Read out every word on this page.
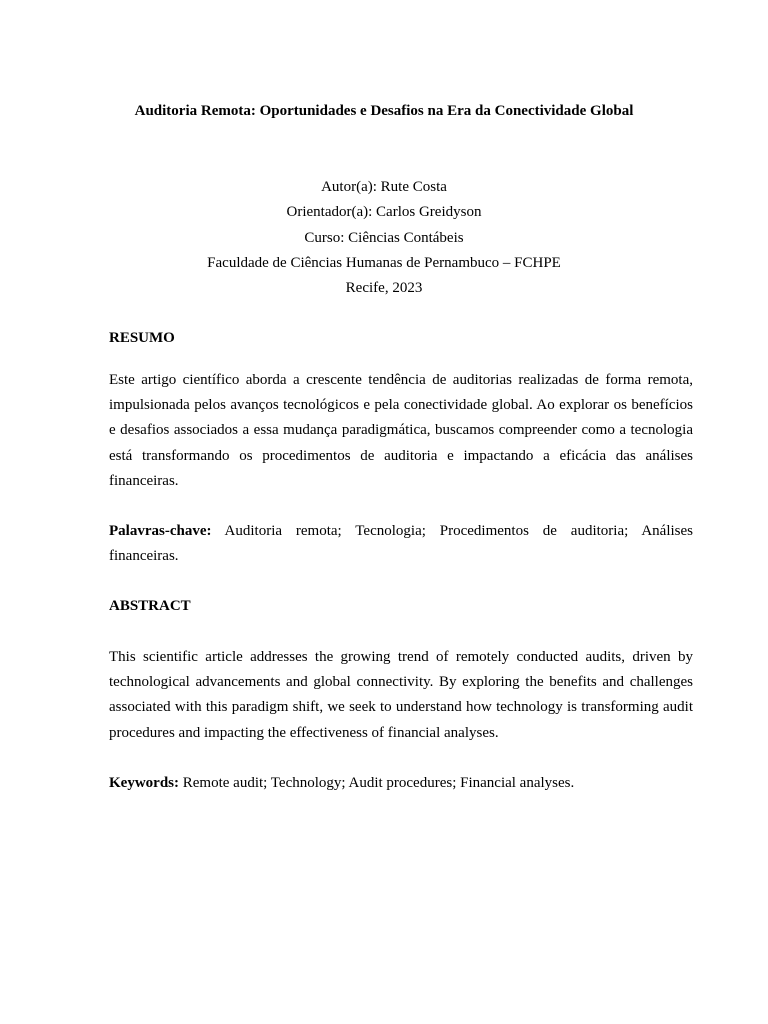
Auditoria Remota: Oportunidades e Desafios na Era da Conectividade Global
Autor(a): Rute Costa
Orientador(a): Carlos Greidyson
Curso: Ciências Contábeis
Faculdade de Ciências Humanas de Pernambuco – FCHPE
Recife, 2023
RESUMO

Este artigo científico aborda a crescente tendência de auditorias realizadas de forma remota, impulsionada pelos avanços tecnológicos e pela conectividade global. Ao explorar os benefícios e desafios associados a essa mudança paradigmática, buscamos compreender como a tecnologia está transformando os procedimentos de auditoria e impactando a eficácia das análises financeiras.

Palavras-chave: Auditoria remota; Tecnologia; Procedimentos de auditoria; Análises financeiras.

ABSTRACT

This scientific article addresses the growing trend of remotely conducted audits, driven by technological advancements and global connectivity. By exploring the benefits and challenges associated with this paradigm shift, we seek to understand how technology is transforming audit procedures and impacting the effectiveness of financial analyses.

Keywords: Remote audit; Technology; Audit procedures; Financial analyses.
